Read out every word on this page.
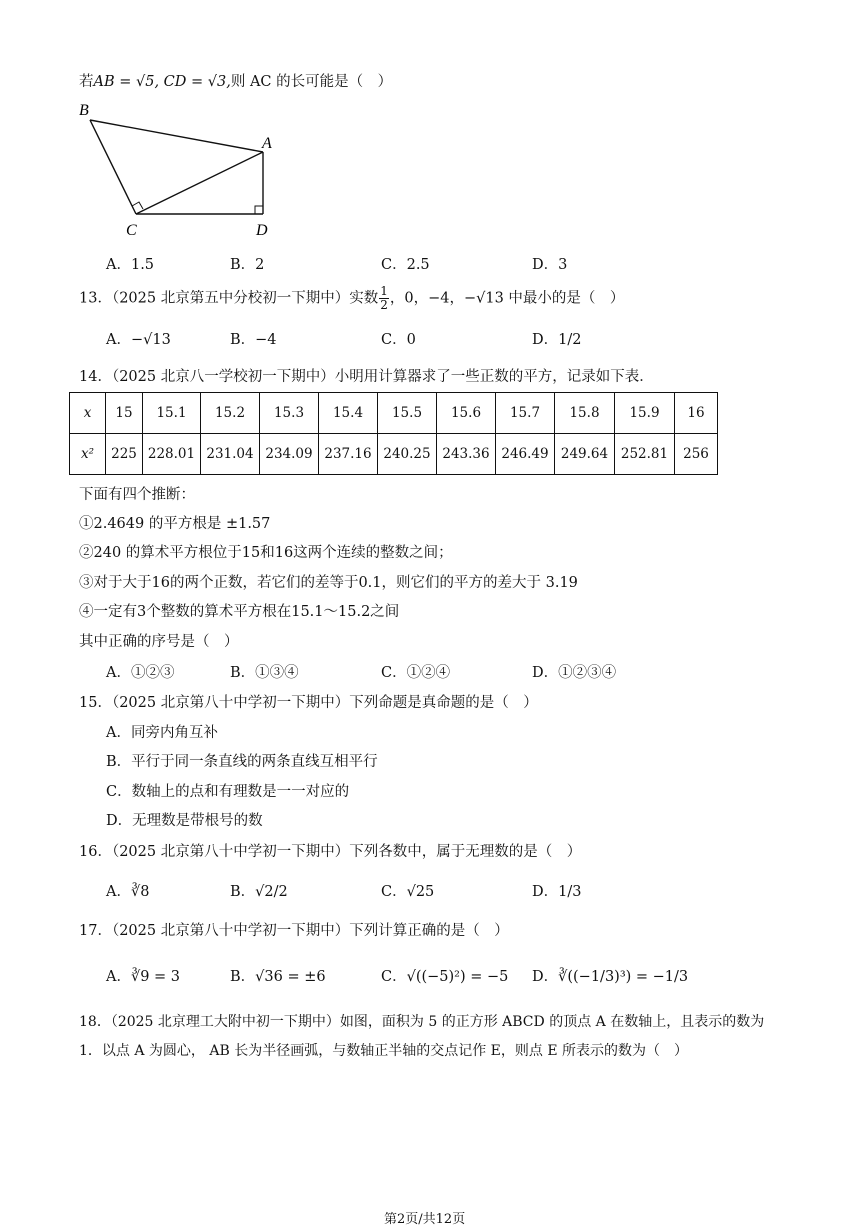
若AB = √5, CD = √3,则 AC 的长可能是（　）
B
A
C	D
A．1.5	B．2	C．2.5	D．3
13．（2025 北京第五中分校初一下期中）实数 $\frac{1}{2}$ ，0，−4，−√13 中最小的是（　）
A．−√13	B．−4	C．0	D．1/2
14．（2025 北京八一学校初一下期中）小明用计算器求了一些正数的平方，记录如下表．
x	15	15.1	15.2	15.3	15.4	15.5	15.6	15.7	15.8	15.9	16
x²	225	228.01	231.04	234.09	237.16	240.25	243.36	246.49	249.64	252.81	256
下面有四个推断：
①2.4649 的平方根是 ±1.57
②240 的算术平方根位于15和16这两个连续的整数之间；
③对于大于16的两个正数，若它们的差等于0.1，则它们的平方的差大于 3.19
④一定有3个整数的算术平方根在15.1～15.2之间
其中正确的序号是（　）
A．①②③	B．①③④	C．①②④	D．①②③④
15．（2025 北京第八十中学初一下期中）下列命题是真命题的是（　）
A．同旁内角互补
B．平行于同一条直线的两条直线互相平行
C．数轴上的点和有理数是一一对应的
D．无理数是带根号的数
16．（2025 北京第八十中学初一下期中）下列各数中，属于无理数的是（　）
A．∛8	B．√2/2	C．√25	D．1/3
17．（2025 北京第八十中学初一下期中）下列计算正确的是（　）
A．∛9 = 3	B．√36 = ±6	C．√((−5)²) = −5 D．∛((−1/3)³) = −1/3
18．（2025 北京理工大附中初一下期中）如图，面积为 5 的正方形 ABCD 的顶点 A 在数轴上，且表示的数为
1．以点 A 为圆心， AB 长为半径画弧，与数轴正半轴的交点记作 E，则点 E 所表示的数为（　）
第2页/共12页
